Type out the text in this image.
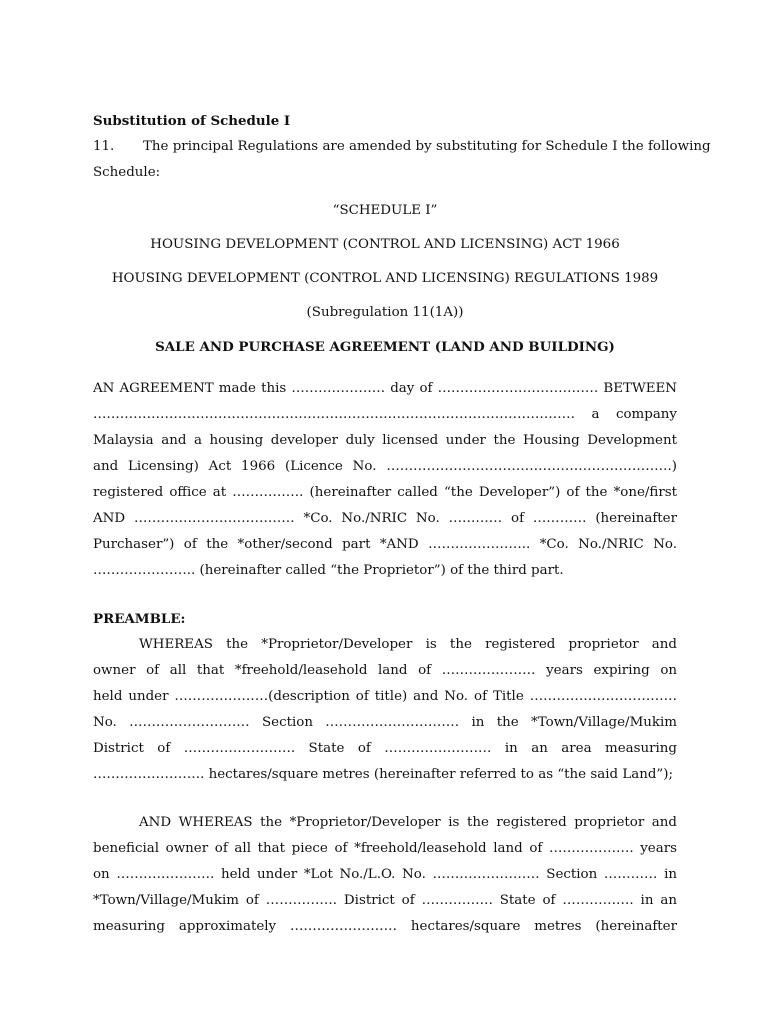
Substitution of Schedule I
11. The principal Regulations are amended by substituting for Schedule I the following
Schedule:
“SCHEDULE I”
HOUSING DEVELOPMENT (CONTROL AND LICENSING) ACT 1966
HOUSING DEVELOPMENT (CONTROL AND LICENSING) REGULATIONS 1989
(Subregulation 11(1A))
SALE AND PURCHASE AGREEMENT (LAND AND BUILDING)
AN AGREEMENT made this ………………… day of ……………………………… BETWEEN
……………………………………………………………………………………………… a company
Malaysia and a housing developer duly licensed under the Housing Development
and Licensing) Act 1966 (Licence No. ……………………………………………………….)
registered office at ……………. (hereinafter called “the Developer”) of the *one/first
AND ……………………………… *Co. No./NRIC No. ………… of ………… (hereinafter
Purchaser”) of the *other/second part *AND ………………….. *Co. No./NRIC No.
………………….. (hereinafter called “the Proprietor”) of the third part.
PREAMBLE:
WHEREAS the *Proprietor/Developer is the registered proprietor and
owner of all that *freehold/leasehold land of ………………… years expiring on
held under …………………(description of title) and No. of Title ……………………………
No. ……………………… Section ………………………… in the *Town/Village/Mukim
District of ……………………. State of …………………… in an area measuring
……………………. hectares/square metres (hereinafter referred to as “the said Land”);
AND WHEREAS the *Proprietor/Developer is the registered proprietor and
beneficial owner of all that piece of *freehold/leasehold land of ………………. years
on …………………. held under *Lot No./L.O. No. …………………… Section ………… in
*Town/Village/Mukim of ……………. District of ……………. State of ……………. in an
measuring approximately …………………… hectares/square metres (hereinafter
